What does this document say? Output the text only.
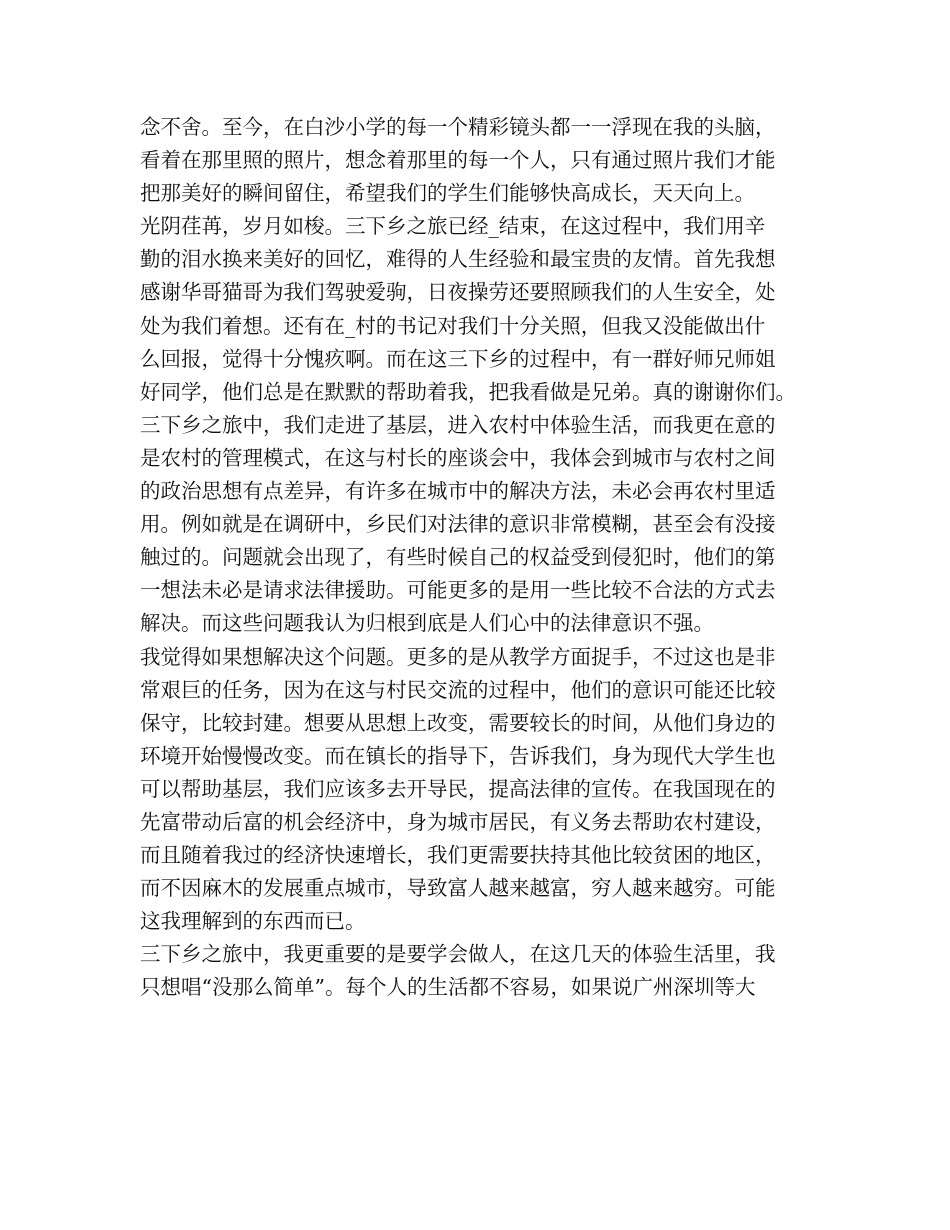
念不舍。至今，在白沙小学的每一个精彩镜头都一一浮现在我的头脑，
看着在那里照的照片，想念着那里的每一个人，只有通过照片我们才能
把那美好的瞬间留住，希望我们的学生们能够快高成长，天天向上。
光阴荏苒，岁月如梭。三下乡之旅已经_结束，在这过程中，我们用辛
勤的泪水换来美好的回忆，难得的人生经验和最宝贵的友情。首先我想
感谢华哥猫哥为我们驾驶爱驹，日夜操劳还要照顾我们的人生安全，处
处为我们着想。还有在_村的书记对我们十分关照，但我又没能做出什
么回报，觉得十分愧疚啊。而在这三下乡的过程中，有一群好师兄师姐
好同学，他们总是在默默的帮助着我，把我看做是兄弟。真的谢谢你们。
三下乡之旅中，我们走进了基层，进入农村中体验生活，而我更在意的
是农村的管理模式，在这与村长的座谈会中，我体会到城市与农村之间
的政治思想有点差异，有许多在城市中的解决方法，未必会再农村里适
用。例如就是在调研中，乡民们对法律的意识非常模糊，甚至会有没接
触过的。问题就会出现了，有些时候自己的权益受到侵犯时，他们的第
一想法未必是请求法律援助。可能更多的是用一些比较不合法的方式去
解决。而这些问题我认为归根到底是人们心中的法律意识不强。
我觉得如果想解决这个问题。更多的是从教学方面捉手，不过这也是非
常艰巨的任务，因为在这与村民交流的过程中，他们的意识可能还比较
保守，比较封建。想要从思想上改变，需要较长的时间，从他们身边的
环境开始慢慢改变。而在镇长的指导下，告诉我们，身为现代大学生也
可以帮助基层，我们应该多去开导民，提高法律的宣传。在我国现在的
先富带动后富的机会经济中，身为城市居民，有义务去帮助农村建设，
而且随着我过的经济快速增长，我们更需要扶持其他比较贫困的地区，
而不因麻木的发展重点城市，导致富人越来越富，穷人越来越穷。可能
这我理解到的东西而已。
三下乡之旅中，我更重要的是要学会做人，在这几天的体验生活里，我
只想唱“没那么简单”。每个人的生活都不容易，如果说广州深圳等大
